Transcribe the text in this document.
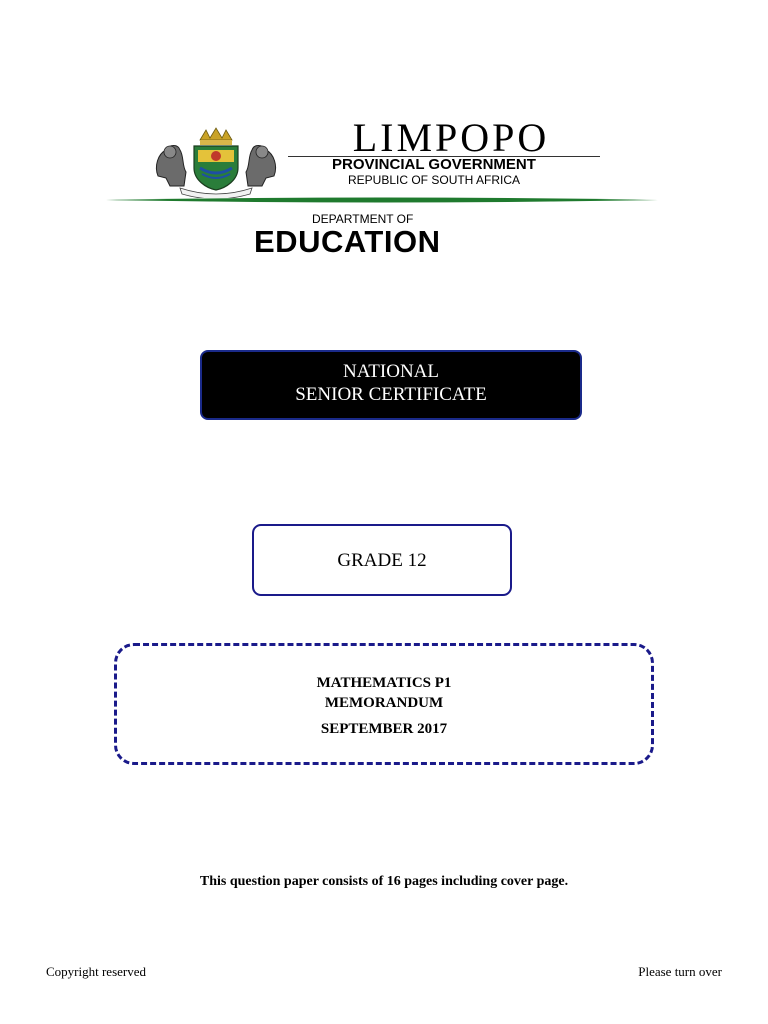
LIMPOPO
PROVINCIAL GOVERNMENT
REPUBLIC OF SOUTH AFRICA
DEPARTMENT OF
EDUCATION
NATIONAL
SENIOR CERTIFICATE
GRADE 12
MATHEMATICS P1
MEMORANDUM
SEPTEMBER 2017
This question paper consists of 16 pages including cover page.
Copyright reserved	Please turn over
